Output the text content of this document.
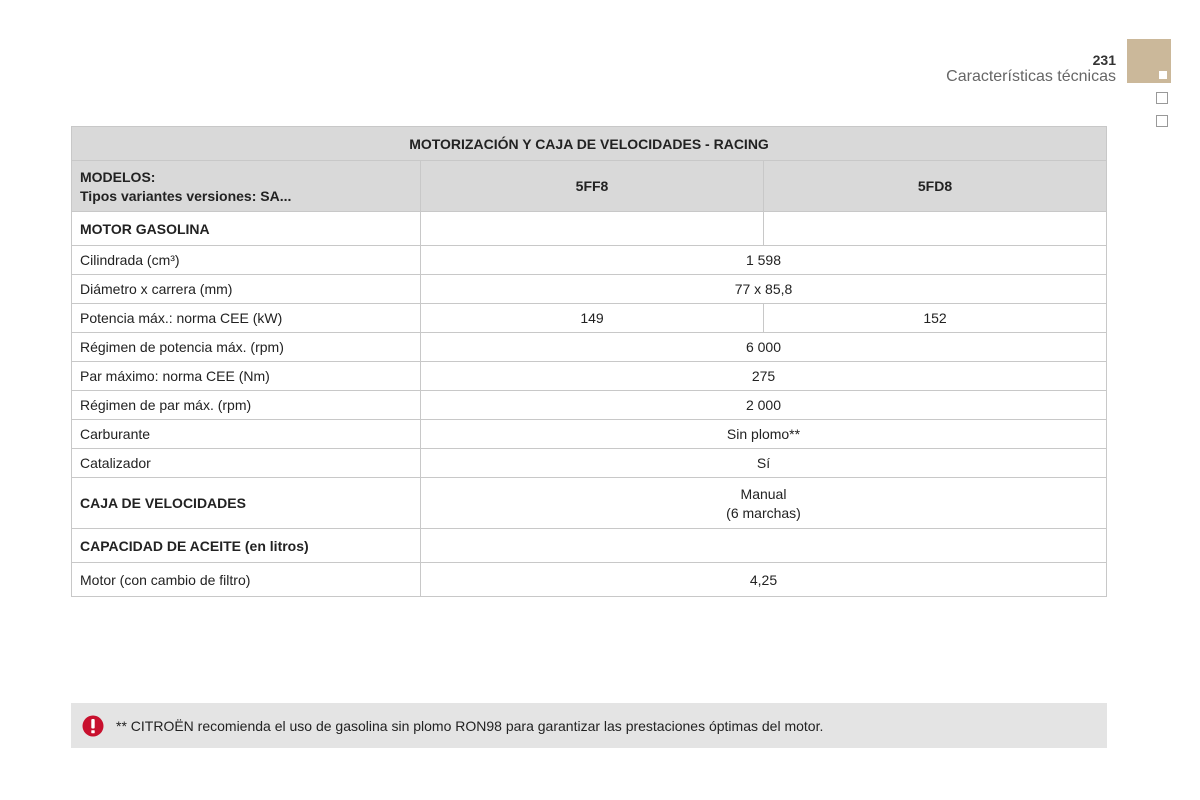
231
Características técnicas
MOTORIZACIÓN Y CAJA DE VELOCIDADES - RACING		

MODELOS:
Tipos variantes versiones: SA...	5FF8	5FD8
MOTOR GASOLINA		
Cilindrada (cm³)	1 598	
Diámetro x carrera (mm)	77 x 85,8	
Potencia máx.: norma CEE (kW)	149	152
Régimen de potencia máx. (rpm)	6 000	
Par máximo: norma CEE (Nm)	275	
Régimen de par máx. (rpm)	2 000	
Carburante	Sin plomo**	
Catalizador	Sí	
CAJA DE VELOCIDADES	Manual
(6 marchas)	

CAPACIDAD DE ACEITE (en litros)		
Motor (con cambio de filtro)	4,25	
** CITROËN recomienda el uso de gasolina sin plomo RON98 para garantizar las prestaciones óptimas del motor.
